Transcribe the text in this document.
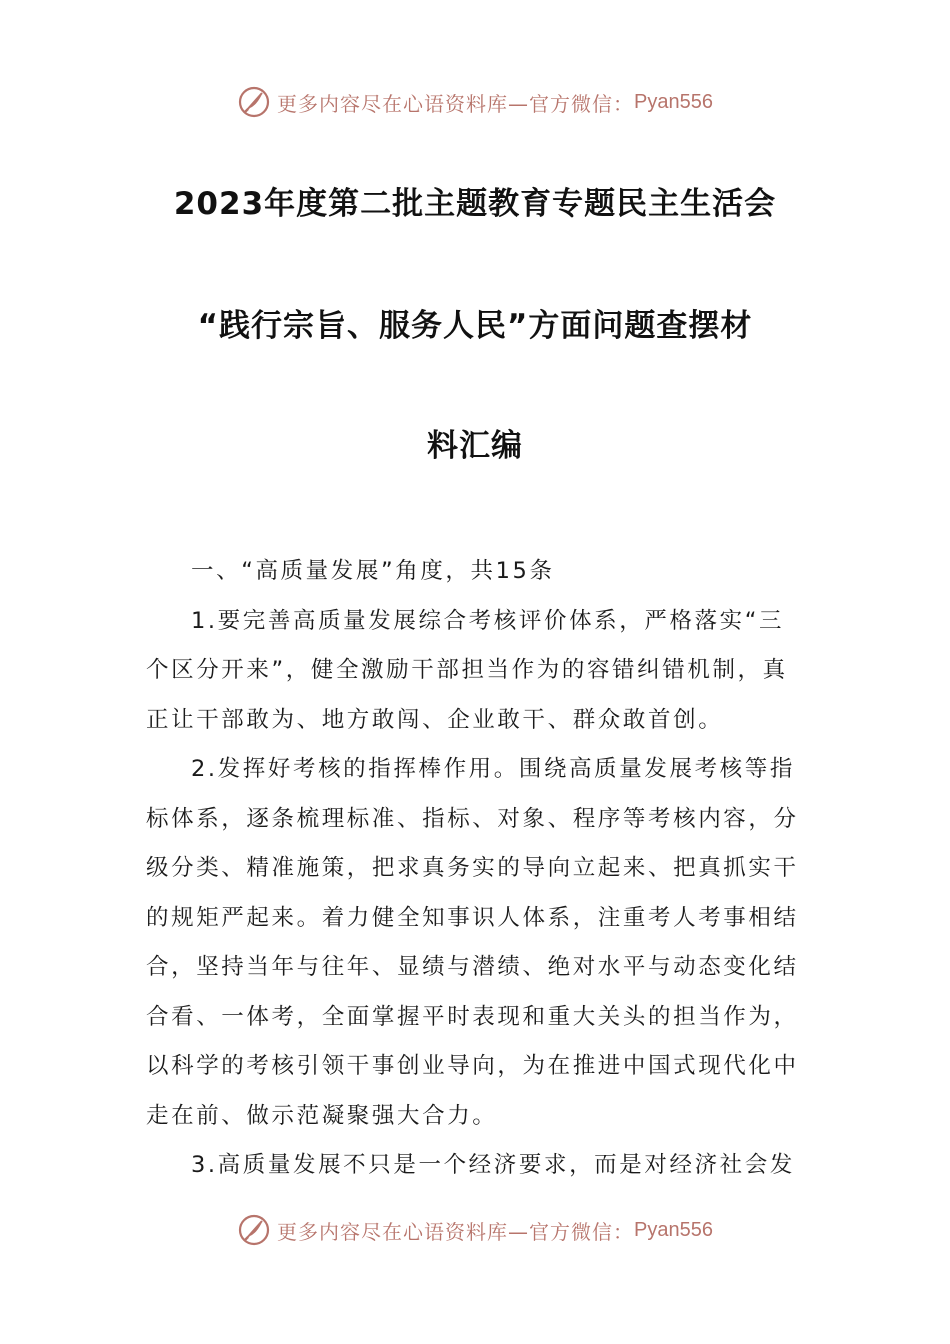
更多内容尽在心语资料库—官方微信： Pyan556
2023年度第二批主题教育专题民主生活会
“践行宗旨、服务人民”方面问题查摆材
料汇编

一、“高质量发展”角度，共15条

1.要完善高质量发展综合考核评价体系，严格落实“三个区分开来”，健全激励干部担当作为的容错纠错机制，真正让干部敢为、地方敢闯、企业敢干、群众敢首创。

2.发挥好考核的指挥棒作用。围绕高质量发展考核等指标体系，逐条梳理标准、指标、对象、程序等考核内容，分级分类、精准施策，把求真务实的导向立起来、把真抓实干的规矩严起来。着力健全知事识人体系，注重考人考事相结合，坚持当年与往年、显绩与潜绩、绝对水平与动态变化结合看、一体考，全面掌握平时表现和重大关头的担当作为，以科学的考核引领干事创业导向，为在推进中国式现代化中走在前、做示范凝聚强大合力。

3.高质量发展不只是一个经济要求，而是对经济社会发

更多内容尽在心语资料库—官方微信： Pyan556
